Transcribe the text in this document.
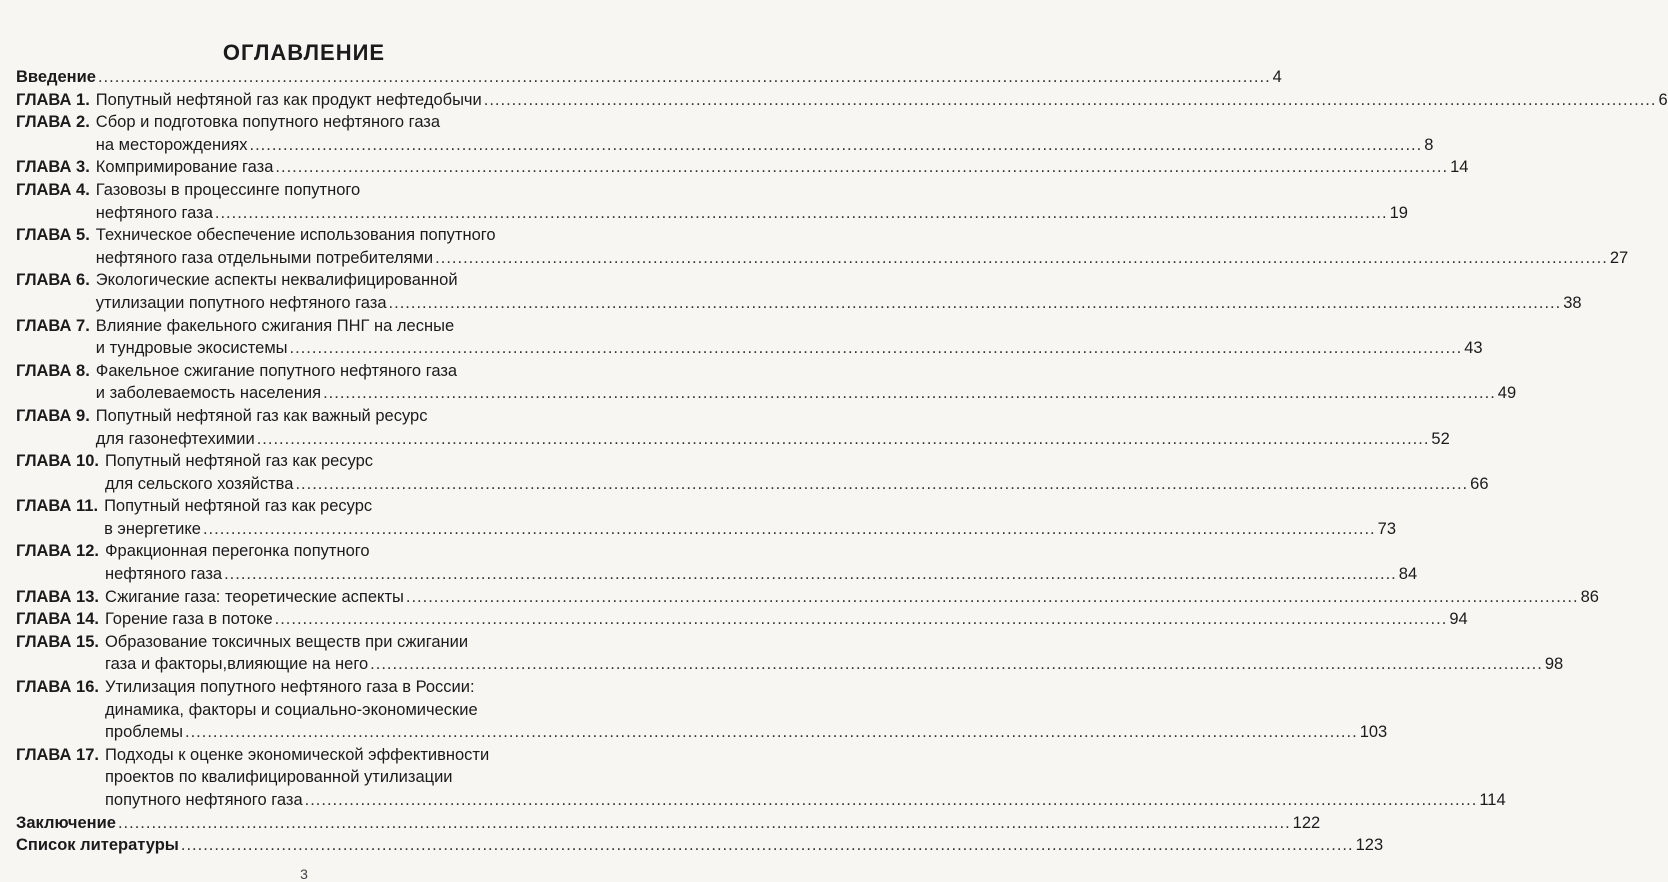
ОГЛАВЛЕНИЕ
Введение .....	4
ГЛАВА 1. Попутный нефтяной газ как продукт нефтедобычи .....	6
ГЛАВА 2. Сбор и подготовка попутного нефтяного газа
на месторождениях .....	8
ГЛАВА 3. Компримирование газа .....	14
ГЛАВА 4. Газовозы в процессинге попутного
нефтяного газа .....	19
ГЛАВА 5. Техническое обеспечение использования попутного
нефтяного газа отдельными потребителями .....	27
ГЛАВА 6. Экологические аспекты неквалифицированной
утилизации попутного нефтяного газа .....	38
ГЛАВА 7. Влияние факельного сжигания ПНГ на лесные
и тундровые экосистемы .....	43
ГЛАВА 8. Факельное сжигание попутного нефтяного газа
и заболеваемость населения .....	49
ГЛАВА 9. Попутный нефтяной газ как важный ресурс
для газонефтехимии .....	52
ГЛАВА 10. Попутный нефтяной газ как ресурс
для сельского хозяйства .....	66
ГЛАВА 11. Попутный нефтяной газ как ресурс
в энергетике .....	73
ГЛАВА 12. Фракционная перегонка попутного
нефтяного газа .....	84
ГЛАВА 13. Сжигание газа: теоретические аспекты .....	86
ГЛАВА 14. Горение газа в потоке .....	94
ГЛАВА 15. Образование токсичных веществ при сжигании
газа и факторы,влияющие на него .....	98
ГЛАВА 16. Утилизация попутного нефтяного газа в России:
динамика, факторы и социально-экономические
проблемы .....	103
ГЛАВА 17. Подходы к оценке экономической эффективности
проектов по квалифицированной утилизации
попутного нефтяного газа .....	114
Заключение .....	122
Список литературы .....	123
3
